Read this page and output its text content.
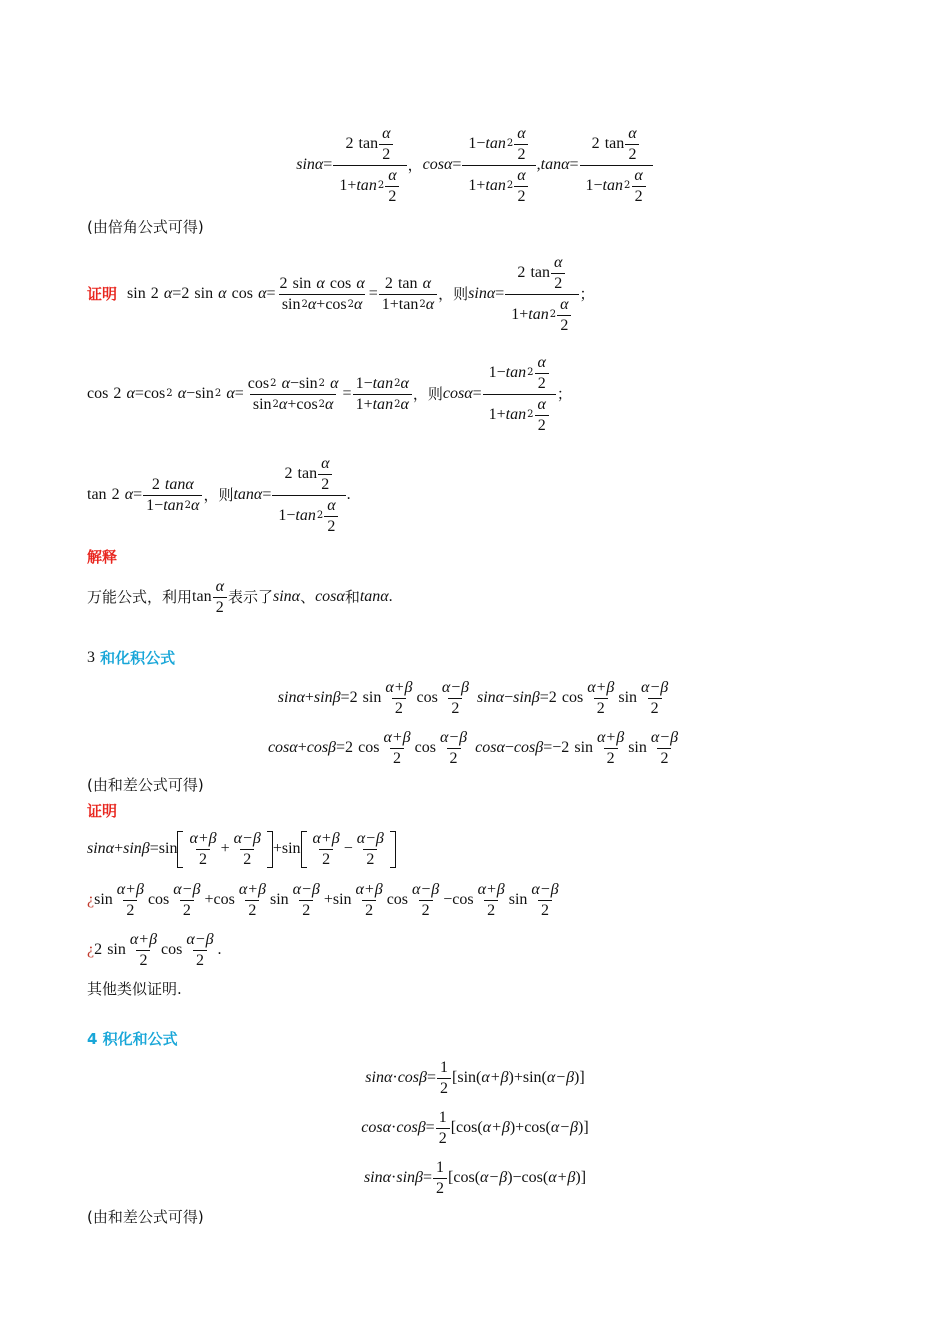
sinα = 2
$\tan \frac{\alpha}{2}$
1 + ta n $2 \frac{\alpha}{2}$ ， $\cos\alpha = \frac{1 - ta n 2 \frac{\alpha}{2}}{1 + ta n 2 \frac{\alpha}{2}}$ , tanα = 2
$\tan \frac{\alpha}{2}$
1 − ta n $2 \frac{\alpha}{2}$
(由倍角公式可得)
证明 sin
2
α = 2
sin
α
cos
α = 2
sin
α
cos
α
sin 2 α + cos 2 α = 2
tan
α
1 + tan 2 α ， 则 sinα = 2
$\tan \frac{\alpha}{2}$
1 + ta n $2 \frac{\alpha}{2}$ ；
cos
2
α = cos 2
α − sin 2
α = cos 2
α − sin 2
α
sin 2 α + cos 2 $\alpha = \frac{\text{1 − ta n 2 α}}{\text{1 + ta n 2 α}}$ ， 则 $\cos\alpha = \frac{1 - ta n 2 \frac{\alpha}{2}}{1 + ta n 2 \frac{\alpha}{2}}$ ；
tan
2
α = 2
tanα
1 − ta n 2 α ， 则 tanα = 2
$\tan \frac{\alpha}{2}$
1 − ta n $2 \frac{\alpha}{2}$ .
解释
万能公式，利用 $\tan \frac{\alpha}{2}$ 表示了 sinα 、 cosα 和 tanα .
3
和化积公式
sinα + sinβ = 2
$\sin \frac{\alpha+\beta}{2}$ $\cos \frac{\alpha-\beta}{2}$ sinα − sinβ = 2
$\cos \frac{\alpha+\beta}{2}$ $\sin \frac{\alpha-\beta}{2}$
cosα + cosβ = 2
$\cos \frac{\alpha+\beta}{2}$ $\cos \frac{\alpha-\beta}{2}$ cosα − cosβ = − 2
$\sin \frac{\alpha+\beta}{2}$ $\sin \frac{\alpha-\beta}{2}$
(由和差公式可得)
证明
$\sin\alpha + \sin\beta = \sin \frac{\alpha+\beta}{2} + \frac{\alpha-\beta}{2} + \sin \frac{\alpha+\beta}{2} - \frac{\alpha-\beta}{2}$
¿ $\sin \frac{\alpha+\beta}{2}$ $\cos \frac{\alpha-\beta}{2} + \cos \frac{\alpha+\beta}{2}$ $\sin \frac{\alpha-\beta}{2} + \sin \frac{\alpha+\beta}{2}$ $\cos \frac{\alpha-\beta}{2} - \cos \frac{\alpha+\beta}{2}$ $\sin \frac{\alpha-\beta}{2}$
¿ 2
$\sin \frac{\alpha+\beta}{2}$ $\cos \frac{\alpha-\beta}{2}$ .
其他类似证明.
4 积化和公式
$\sin\alpha \cdot \cos\beta = \frac{1}{2}$ [ sin ( α+β ) + sin ( α−β ) ]
$\cos\alpha \cdot \cos\beta = \frac{1}{2}$ [ cos ( α+β ) + cos ( α−β ) ]
$\sin\alpha \cdot \sin\beta = \frac{1}{2}$ [ cos ( α−β ) − cos ( α+β ) ]
(由和差公式可得)
